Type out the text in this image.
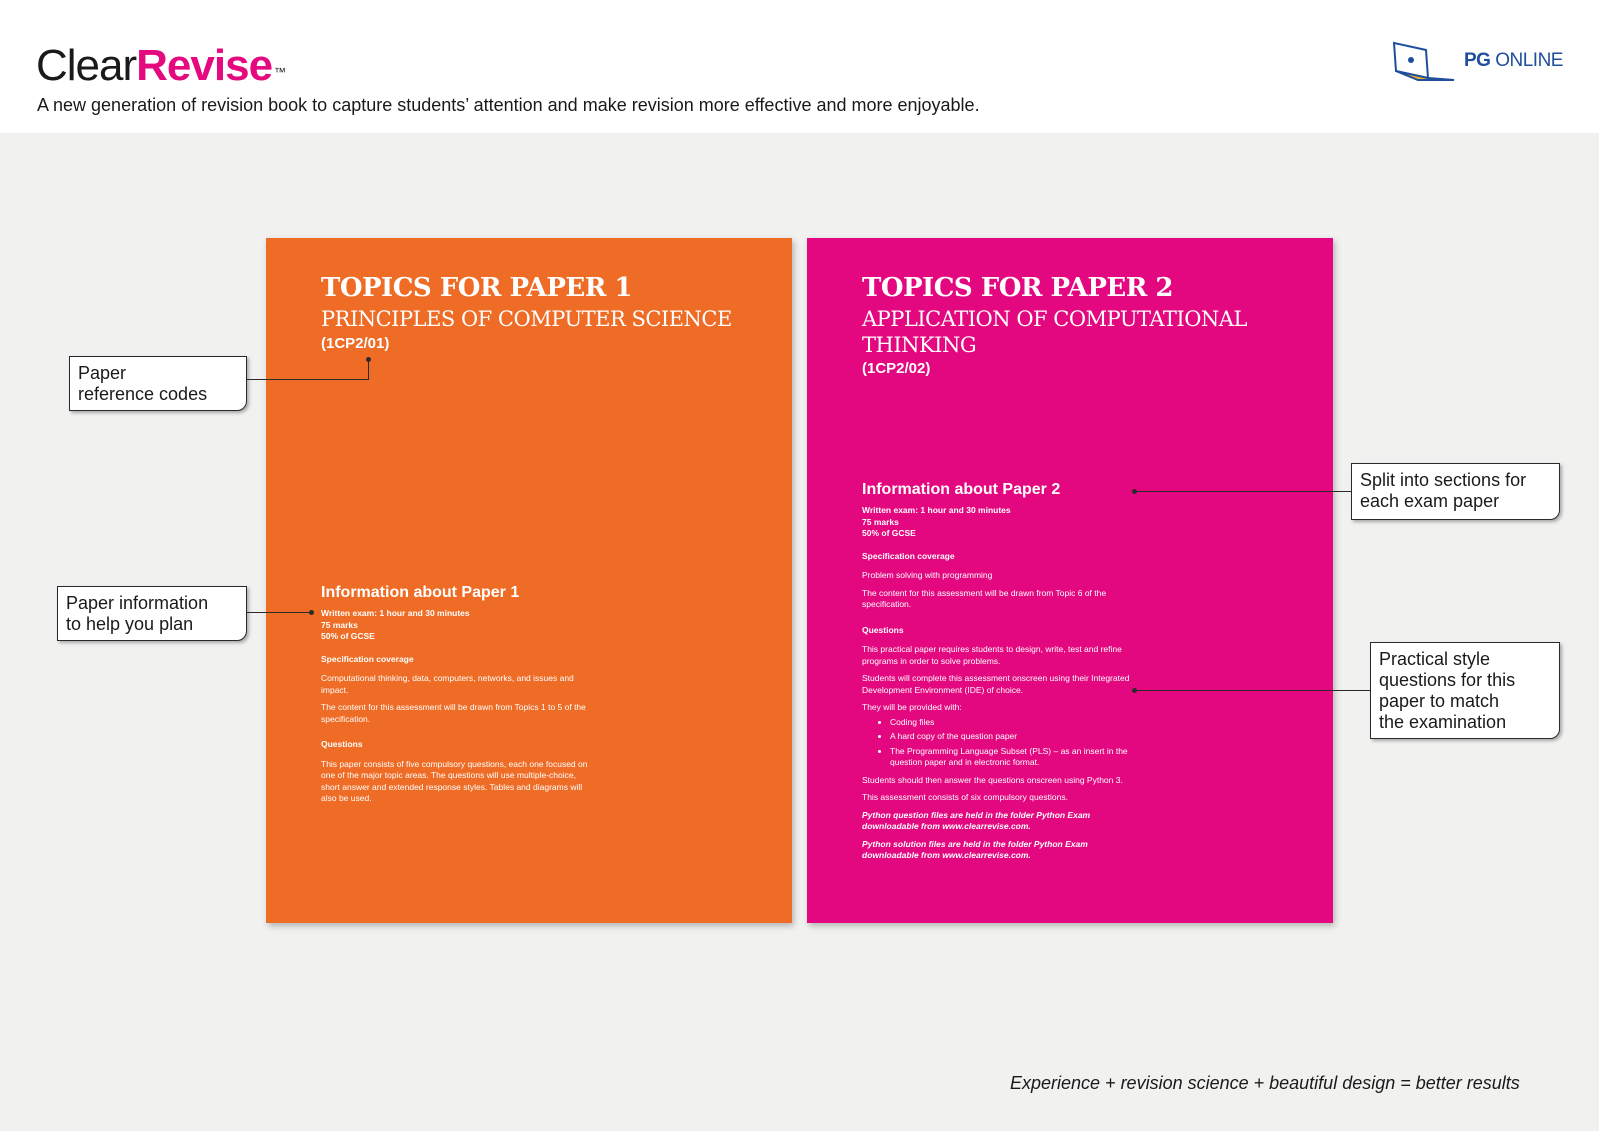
ClearRevise ™
A new generation of revision book to capture students’ attention and make revision more effective and more enjoyable.
PG ONLINE
TOPICS FOR PAPER 1
PRINCIPLES OF COMPUTER SCIENCE
(1CP2/01)
Information about Paper 1
Written exam: 1 hour and 30 minutes
75 marks
50% of GCSE
Specification coverage

Computational thinking, data, computers, networks, and issues and impact.

The content for this assessment will be drawn from Topics 1 to 5 of the specification.

Questions

This paper consists of five compulsory questions, each one focused on one of the major topic areas. The questions will use multiple-choice, short answer and extended response styles. Tables and diagrams will also be used.

TOPICS FOR PAPER 2
APPLICATION OF COMPUTATIONAL THINKING
(1CP2/02)
Information about Paper 2
Written exam: 1 hour and 30 minutes
75 marks
50% of GCSE
Specification coverage

Problem solving with programming

The content for this assessment will be drawn from Topic 6 of the specification.

Questions

This practical paper requires students to design, write, test and refine programs in order to solve problems.

Students will complete this assessment onscreen using their Integrated Development Environment (IDE) of choice.

They will be provided with:

• Coding files
• A hard copy of the question paper
• The Programming Language Subset (PLS) – as an insert in the question paper and in electronic format.

Students should then answer the questions onscreen using Python 3.

This assessment consists of six compulsory questions.

Python question files are held in the folder Python Exam downloadable from www.clearrevise.com.
Python solution files are held in the folder Python Exam downloadable from www.clearrevise.com.
Paper
reference codes
Paper information
to help you plan
Split into sections for
each exam paper
Practical style
questions for this
paper to match
the examination
Experience + revision science + beautiful design = better results
